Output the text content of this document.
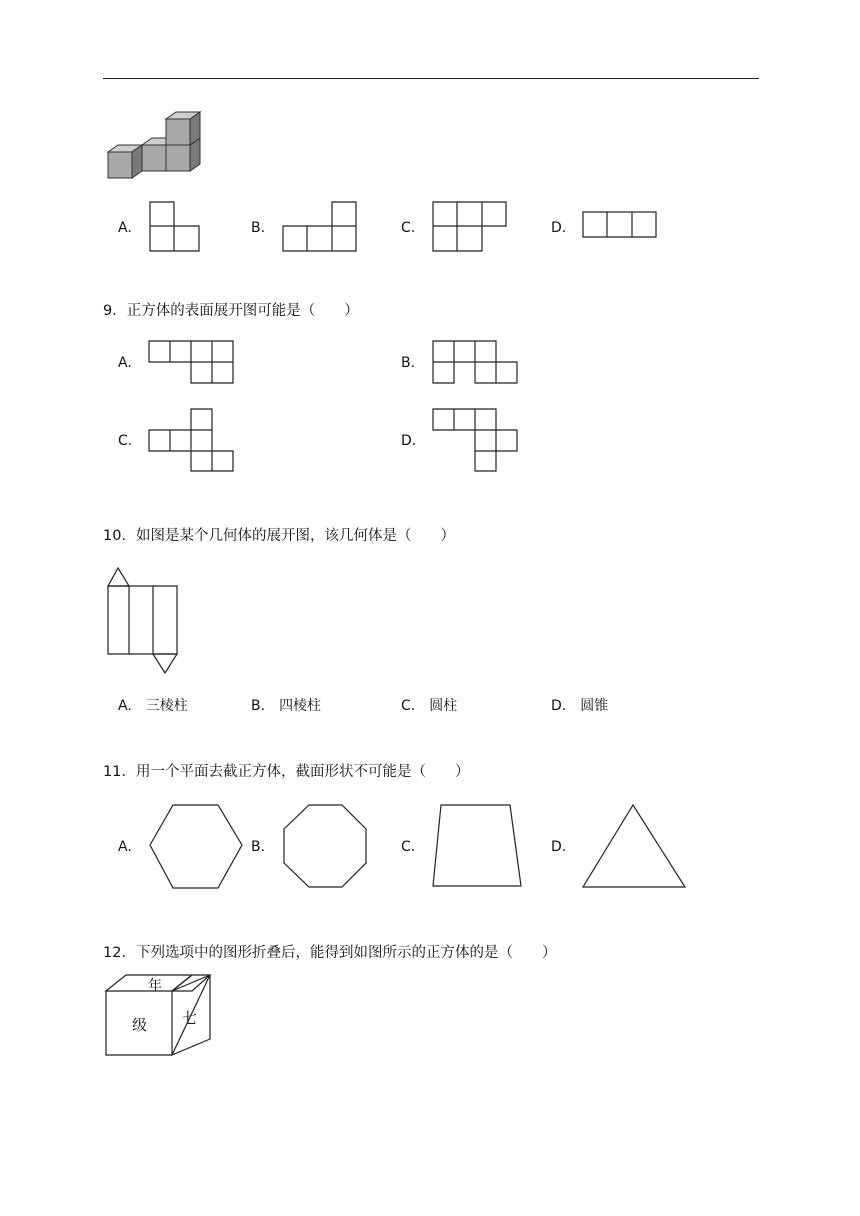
A.	B.	C.	D.
9．正方体的表面展开图可能是（　　）
A.	B.
C.	D.
10．如图是某个几何体的展开图，该几何体是（　　）
A. 三棱柱	B. 四棱柱	C. 圆柱	D. 圆锥
11．用一个平面去截正方体，截面形状不可能是（　　）
A.	B.	C.	D.
12．下列选项中的图形折叠后，能得到如图所示的正方体的是（　　）
年
级 七
